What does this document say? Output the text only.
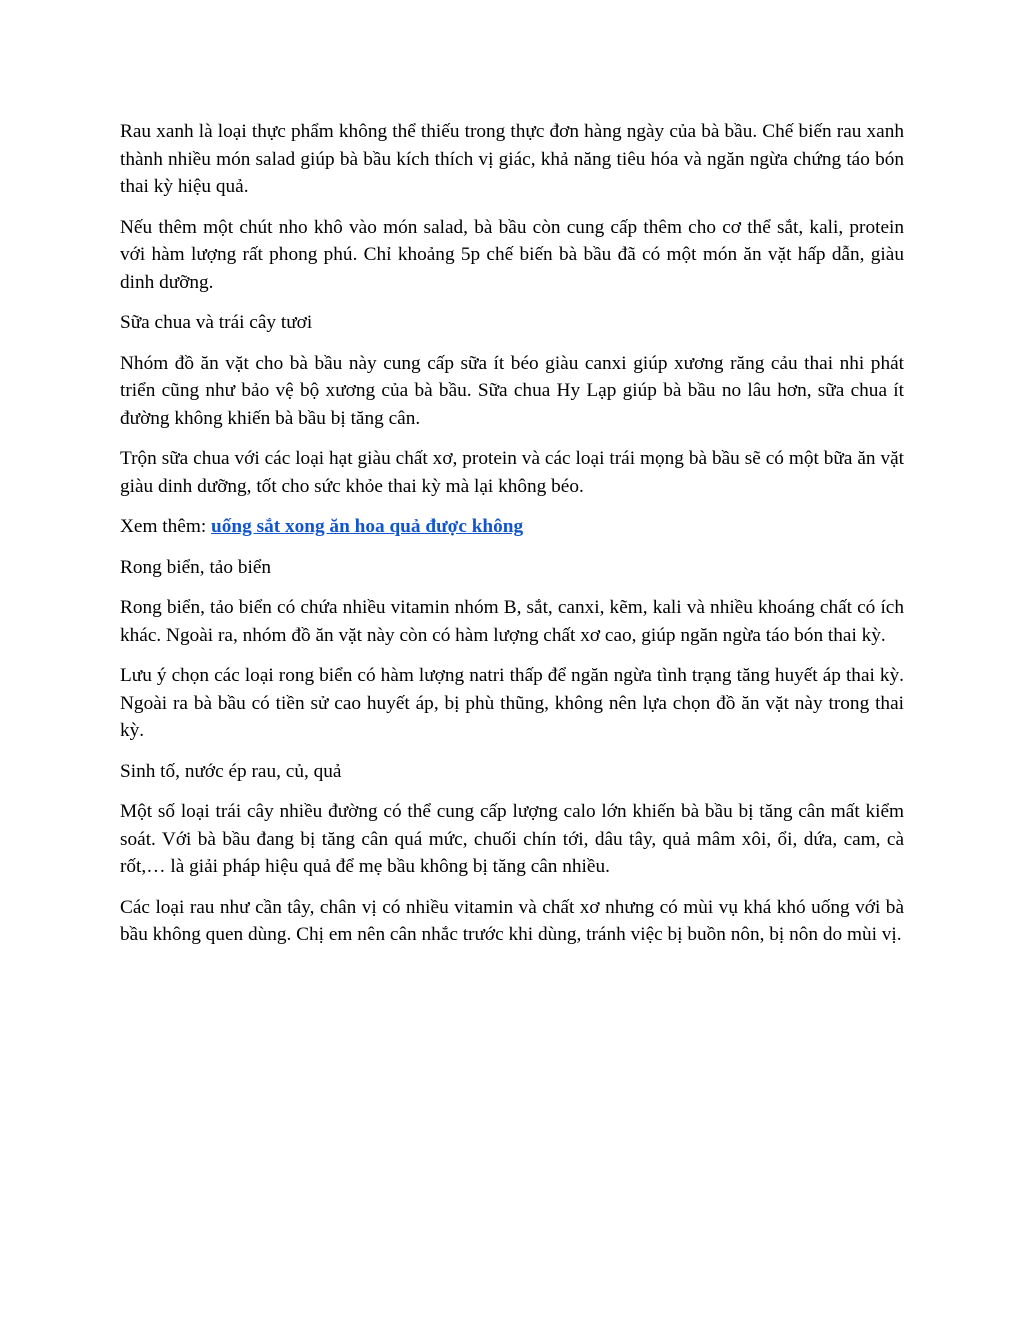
Rau xanh là loại thực phẩm không thể thiếu trong thực đơn hàng ngày của bà bầu. Chế biến rau xanh thành nhiều món salad giúp bà bầu kích thích vị giác, khả năng tiêu hóa và ngăn ngừa chứng táo bón thai kỳ hiệu quả.

Nếu thêm một chút nho khô vào món salad, bà bầu còn cung cấp thêm cho cơ thể sắt, kali, protein với hàm lượng rất phong phú. Chỉ khoảng 5p chế biến bà bầu đã có một món ăn vặt hấp dẫn, giàu dinh dưỡng.

Sữa chua và trái cây tươi

Nhóm đồ ăn vặt cho bà bầu này cung cấp sữa ít béo giàu canxi giúp xương răng cảu thai nhi phát triển cũng như bảo vệ bộ xương của bà bầu. Sữa chua Hy Lạp giúp bà bầu no lâu hơn, sữa chua ít đường không khiến bà bầu bị tăng cân.

Trộn sữa chua với các loại hạt giàu chất xơ, protein và các loại trái mọng bà bầu sẽ có một bữa ăn vặt giàu dinh dưỡng, tốt cho sức khỏe thai kỳ mà lại không béo.

Xem thêm: uống sắt xong ăn hoa quả được không

Rong biển, tảo biển

Rong biển, tảo biển có chứa nhiều vitamin nhóm B, sắt, canxi, kẽm, kali và nhiều khoáng chất có ích khác. Ngoài ra, nhóm đồ ăn vặt này còn có hàm lượng chất xơ cao, giúp ngăn ngừa táo bón thai kỳ.

Lưu ý chọn các loại rong biển có hàm lượng natri thấp để ngăn ngừa tình trạng tăng huyết áp thai kỳ. Ngoài ra bà bầu có tiền sử cao huyết áp, bị phù thũng, không nên lựa chọn đồ ăn vặt này trong thai kỳ.

Sinh tố, nước ép rau, củ, quả

Một số loại trái cây nhiều đường có thể cung cấp lượng calo lớn khiến bà bầu bị tăng cân mất kiểm soát. Với bà bầu đang bị tăng cân quá mức, chuối chín tới, dâu tây, quả mâm xôi, ổi, dứa, cam, cà rốt,… là giải pháp hiệu quả để mẹ bầu không bị tăng cân nhiều.

Các loại rau như cần tây, chân vị có nhiều vitamin và chất xơ nhưng có mùi vụ khá khó uống với bà bầu không quen dùng. Chị em nên cân nhắc trước khi dùng, tránh việc bị buồn nôn, bị nôn do mùi vị.
